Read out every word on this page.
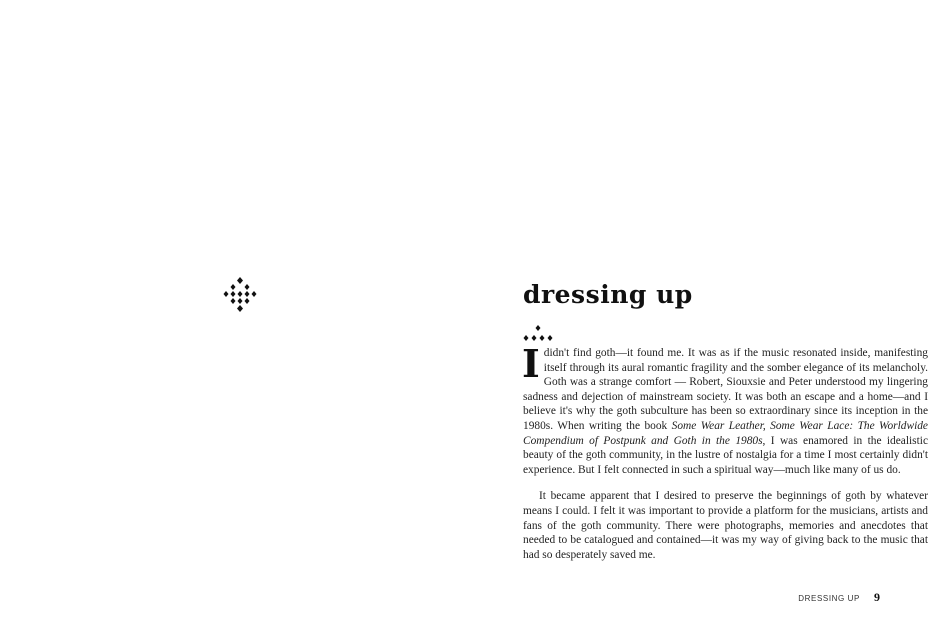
dressing up

Ididn't find goth—it found me. It was as if the music resonated inside, manifesting itself through its aural romantic fragility and the somber elegance of its melancholy. Goth was a strange comfort — Robert, Siouxsie and Peter understood my lingering sadness and dejection of mainstream society. It was both an escape and a home—and I believe it's why the goth subculture has been so extraordinary since its inception in the 1980s. When writing the book Some Wear Leather, Some Wear Lace: The Worldwide Compendium of Postpunk and Goth in the 1980s, I was enamored in the idealistic beauty of the goth community, in the lustre of nostalgia for a time I most certainly didn't experience. But I felt connected in such a spiritual way—much like many of us do.

It became apparent that I desired to preserve the beginnings of goth by whatever means I could. I felt it was important to provide a platform for the musicians, artists and fans of the goth community. There were photographs, memories and anecdotes that needed to be catalogued and contained—it was my way of giving back to the music that had so desperately saved me.

DRESSING UP 9
